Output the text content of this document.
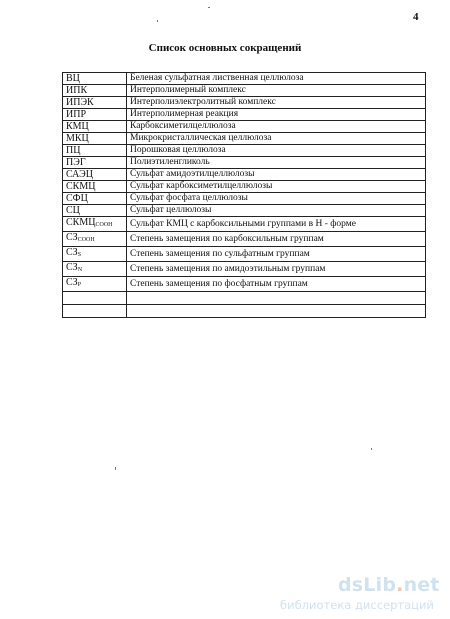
4
Список основных сокращений
ВЦ	Беленая сульфатная лиственная целлюлоза
ИПК	Интерполимерный комплекс
ИПЭК	Интерполиэлектролитный комплекс
ИПР	Интерполимерная реакция
КМЦ	Карбоксиметилцеллюлоза
МКЦ	Микрокристаллическая целлюлоза
ПЦ	Порошковая целлюлоза
ПЭГ	Полиэтиленгликоль
САЭЦ	Сульфат амидоэтилцеллюлозы
СКМЦ	Сульфат карбоксиметилцеллюлозы
СФЦ	Сульфат фосфата целлюлозы
СЦ	Сульфат целлюлозы
$СКМЦ_{СООН}$	Сульфат КМЦ с карбоксильными группами в Н - форме
$СЗ_{СООН}$	Степень замещения по карбоксильным группам
$СЗ_S$	Степень замещения по сульфатным группам
$СЗ_N$	Степень замещения по амидоэтильным группам
$СЗ_P$	Степень замещения по фосфатным группам

dsLib.net
библиотека диссертаций
